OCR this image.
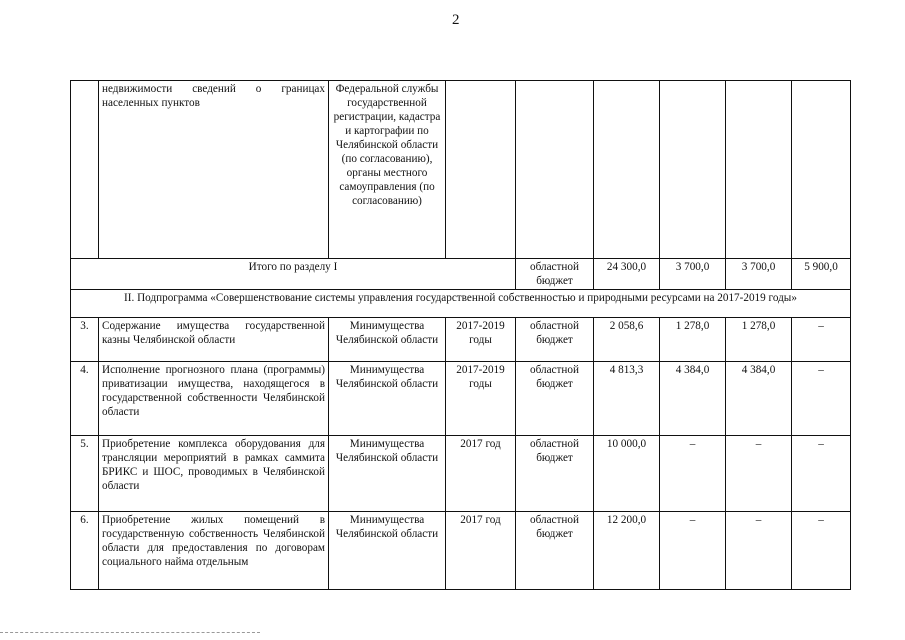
2
	недвижимости сведений о границах населенных пунктов	Федеральной службы государственной регистрации, кадастра и картографии по Челябинской области (по согласованию), органы местного самоуправления (по согласованию)						
Итого по разделу I				областной бюджет	24 300,0	3 700,0	3 700,0	5 900,0
II. Подпрограмма «Совершенствование системы управления государственной собственностью и природными ресурсами на 2017-2019 годы»								
3.	Содержание имущества государственной казны Челябинской области	Минимущества Челябинской области	2017-2019 годы	областной бюджет	2 058,6	1 278,0	1 278,0	–
4.	Исполнение прогнозного плана (программы) приватизации имущества, находящегося в государственной собственности Челябинской области	Минимущества Челябинской области	2017-2019 годы	областной бюджет	4 813,3	4 384,0	4 384,0	–
5.	Приобретение комплекса оборудования для трансляции мероприятий в рамках саммита БРИКС и ШОС, проводимых в Челябинской области	Минимущества Челябинской области	2017 год	областной бюджет	10 000,0	–	–	–
6.	Приобретение жилых помещений в государственную собственность Челябинской области для предоставления по договорам социального найма отдельным	Минимущества Челябинской области	2017 год	областной бюджет	12 200,0	–	–	–
